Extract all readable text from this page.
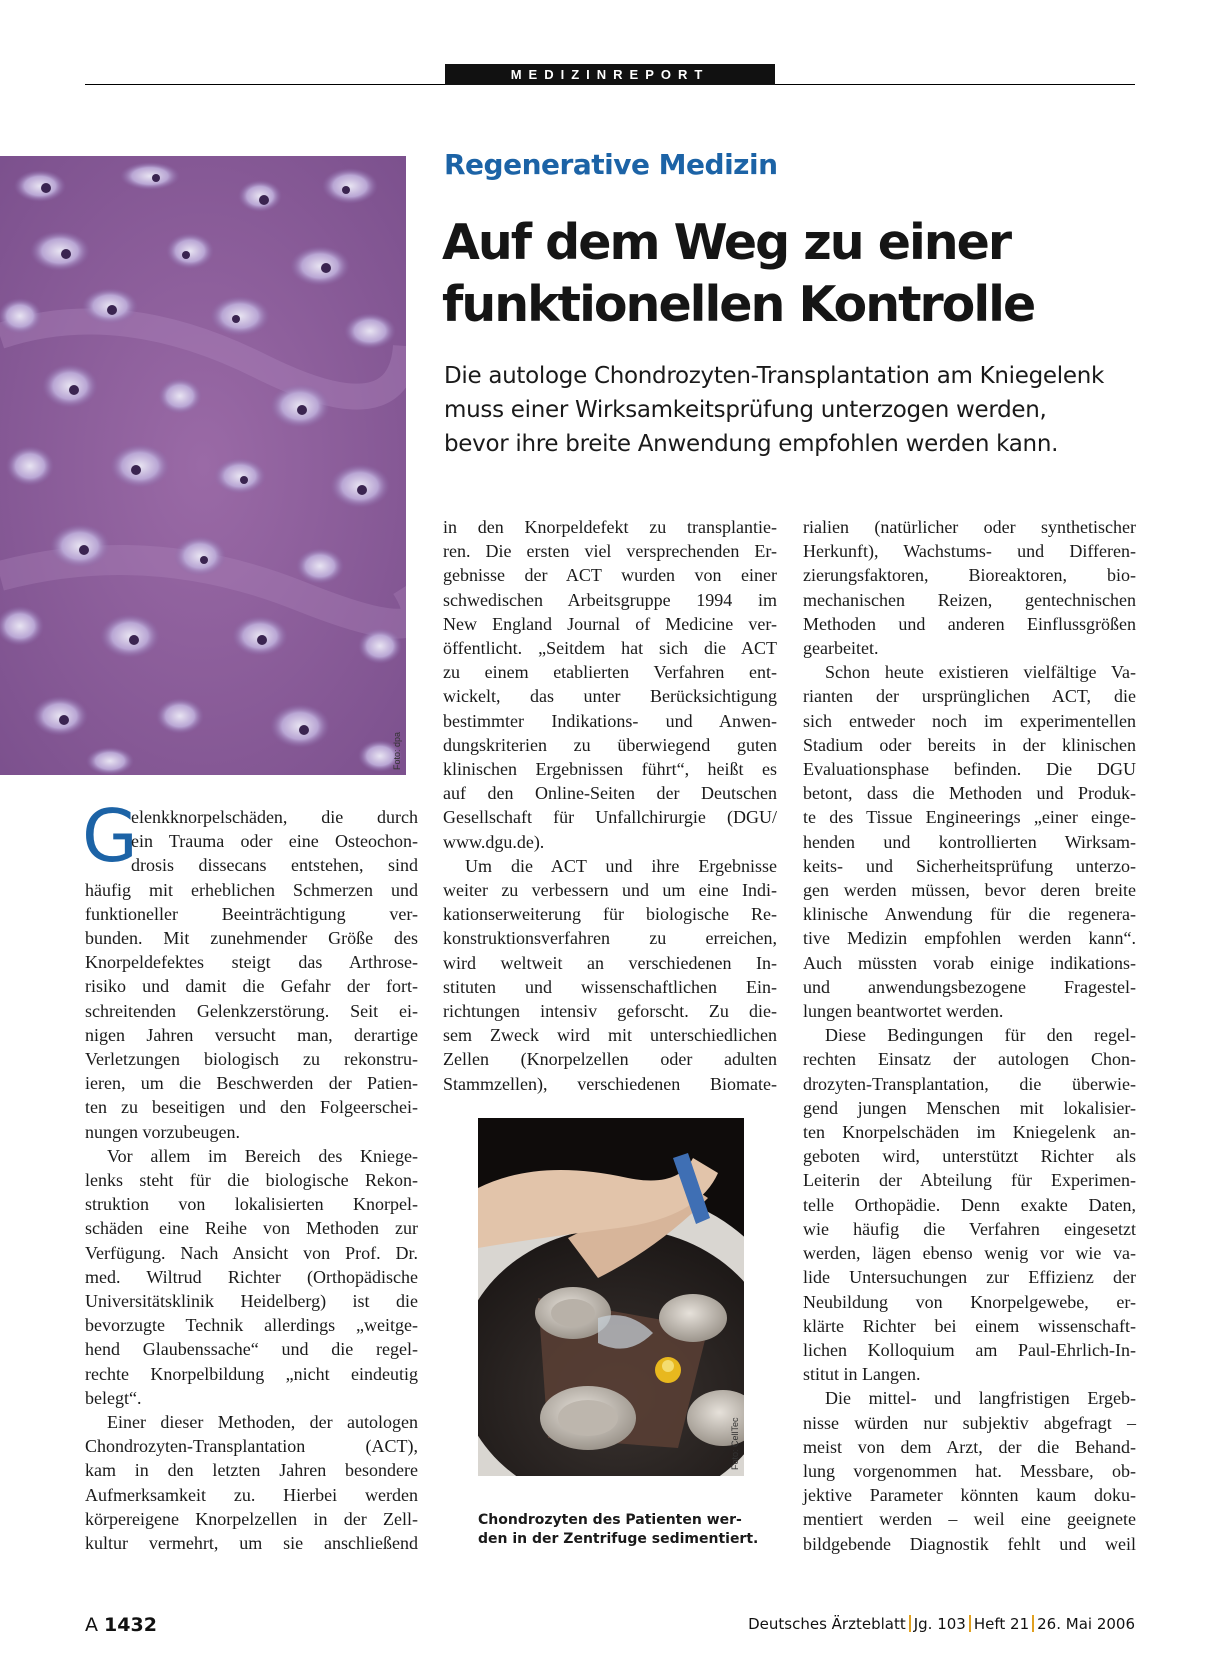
MEDIZINREPORT
Regenerative Medizin
Auf dem Weg zu einer
funktionellen Kontrolle
Die autologe Chondrozyten-Transplantation am Kniegelenk
muss einer Wirksamkeitsprüfung unterzogen werden,
bevor ihre breite Anwendung empfohlen werden kann.
Foto: dpa
G
elenkknorpelschäden, die durch
ein Trauma oder eine Osteochon-
drosis dissecans entstehen, sind
häufig mit erheblichen Schmerzen und
funktioneller Beeinträchtigung ver-
bunden. Mit zunehmender Größe des
Knorpeldefektes steigt das Arthrose-
risiko und damit die Gefahr der fort-
schreitenden Gelenkzerstörung. Seit ei-
nigen Jahren versucht man, derartige
Verletzungen biologisch zu rekonstru-
ieren, um die Beschwerden der Patien-
ten zu beseitigen und den Folgeerschei-
nungen vorzubeugen.
Vor allem im Bereich des Kniege-
lenks steht für die biologische Rekon-
struktion von lokalisierten Knorpel-
schäden eine Reihe von Methoden zur
Verfügung. Nach Ansicht von Prof. Dr.
med. Wiltrud Richter (Orthopädische
Universitätsklinik Heidelberg) ist die
bevorzugte Technik allerdings „weitge-
hend Glaubenssache“ und die regel-
rechte Knorpelbildung „nicht eindeutig
belegt“.
Einer dieser Methoden, der autologen
Chondrozyten-Transplantation (ACT),
kam in den letzten Jahren besondere
Aufmerksamkeit zu. Hierbei werden
körpereigene Knorpelzellen in der Zell-
kultur vermehrt, um sie anschließend
in den Knorpeldefekt zu transplantie-
ren. Die ersten viel versprechenden Er-
gebnisse der ACT wurden von einer
schwedischen Arbeitsgruppe 1994 im
New England Journal of Medicine ver-
öffentlicht. „Seitdem hat sich die ACT
zu einem etablierten Verfahren ent-
wickelt, das unter Berücksichtigung
bestimmter Indikations- und Anwen-
dungskriterien zu überwiegend guten
klinischen Ergebnissen führt“, heißt es
auf den Online-Seiten der Deutschen
Gesellschaft für Unfallchirurgie (DGU/
www.dgu.de).
Um die ACT und ihre Ergebnisse
weiter zu verbessern und um eine Indi-
kationserweiterung für biologische Re-
konstruktionsverfahren zu erreichen,
wird weltweit an verschiedenen In-
stituten und wissenschaftlichen Ein-
richtungen intensiv geforscht. Zu die-
sem Zweck wird mit unterschiedlichen
Zellen (Knorpelzellen oder adulten
Stammzellen), verschiedenen Biomate-
Foto: CellTec
Chondrozyten des Patienten wer-
den in der Zentrifuge sedimentiert.
rialien (natürlicher oder synthetischer
Herkunft), Wachstums- und Differen-
zierungsfaktoren, Bioreaktoren, bio-
mechanischen Reizen, gentechnischen
Methoden und anderen Einflussgrößen
gearbeitet.
Schon heute existieren vielfältige Va-
rianten der ursprünglichen ACT, die
sich entweder noch im experimentellen
Stadium oder bereits in der klinischen
Evaluationsphase befinden. Die DGU
betont, dass die Methoden und Produk-
te des Tissue Engineerings „einer einge-
henden und kontrollierten Wirksam-
keits- und Sicherheitsprüfung unterzo-
gen werden müssen, bevor deren breite
klinische Anwendung für die regenera-
tive Medizin empfohlen werden kann“.
Auch müssten vorab einige indikations-
und anwendungsbezogene Fragestel-
lungen beantwortet werden.
Diese Bedingungen für den regel-
rechten Einsatz der autologen Chon-
drozyten-Transplantation, die überwie-
gend jungen Menschen mit lokalisier-
ten Knorpelschäden im Kniegelenk an-
geboten wird, unterstützt Richter als
Leiterin der Abteilung für Experimen-
telle Orthopädie. Denn exakte Daten,
wie häufig die Verfahren eingesetzt
werden, lägen ebenso wenig vor wie va-
lide Untersuchungen zur Effizienz der
Neubildung von Knorpelgewebe, er-
klärte Richter bei einem wissenschaft-
lichen Kolloquium am Paul-Ehrlich-In-
stitut in Langen.
Die mittel- und langfristigen Ergeb-
nisse würden nur subjektiv abgefragt –
meist von dem Arzt, der die Behand-
lung vorgenommen hat. Messbare, ob-
jektive Parameter könnten kaum doku-
mentiert werden – weil eine geeignete
bildgebende Diagnostik fehlt und weil
A 1432	Deutsches Ärzteblatt Jg. 103 Heft 21 26. Mai 2006
